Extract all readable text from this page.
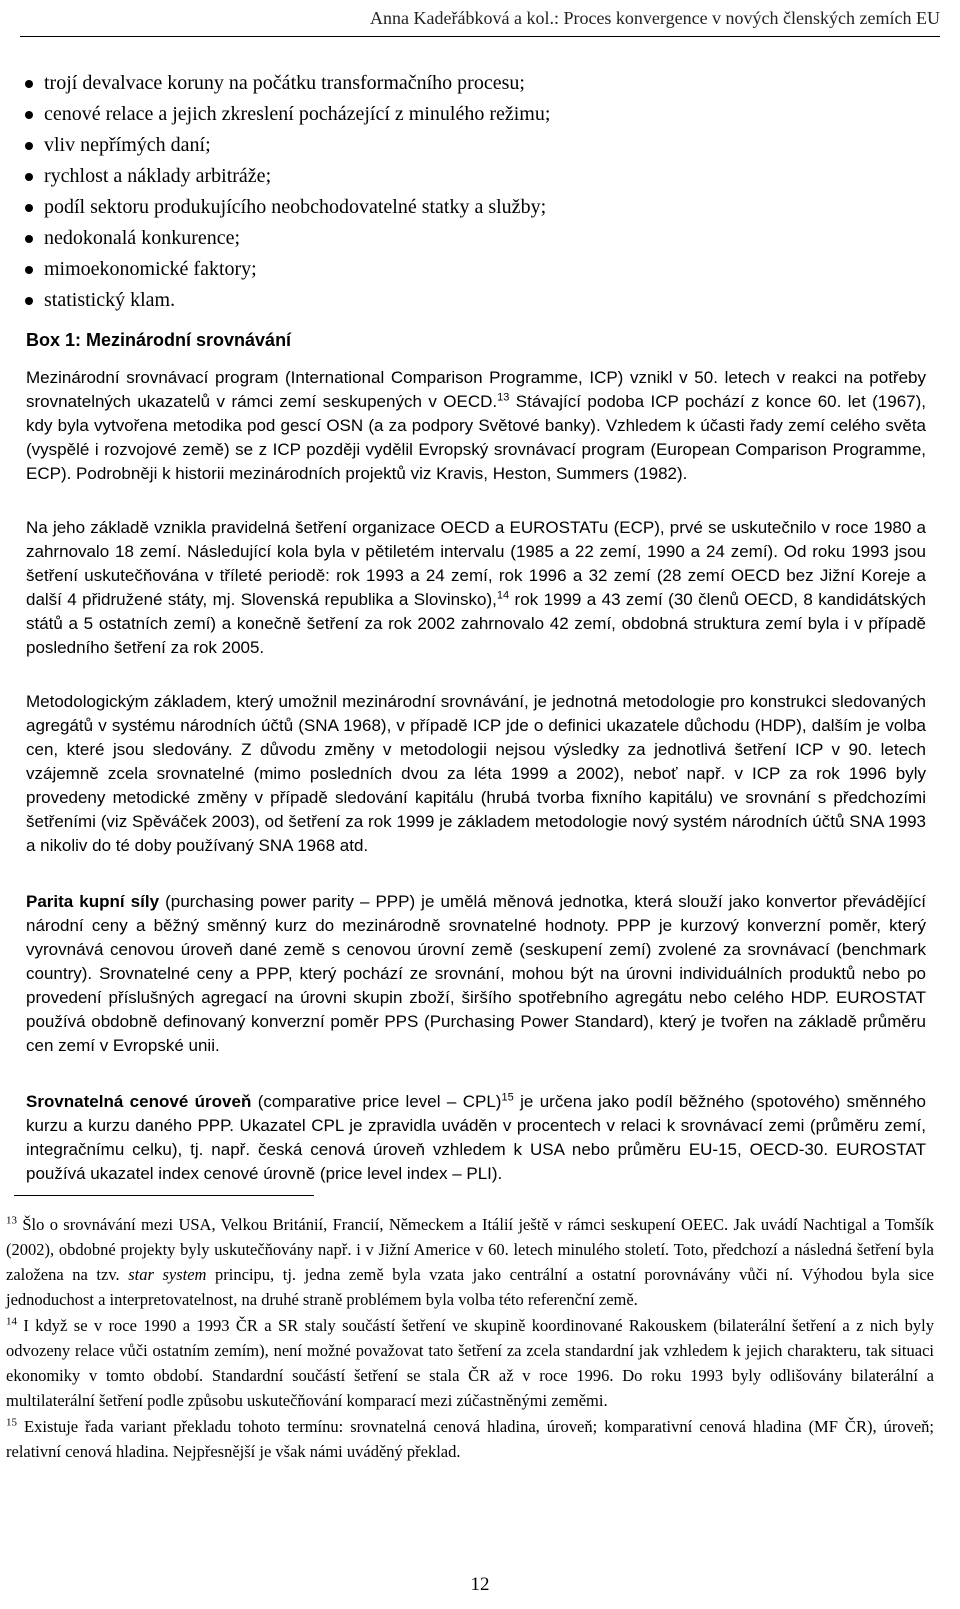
Anna Kadeřábková a kol.: Proces konvergence v nových členských zemích EU
trojí devalvace koruny na počátku transformačního procesu;
cenové relace a jejich zkreslení pocházející z minulého režimu;
vliv nepřímých daní;
rychlost a náklady arbitráže;
podíl sektoru produkujícího neobchodovatelné statky a služby;
nedokonalá konkurence;
mimoekonomické faktory;
statistický klam.
Box 1: Mezinárodní srovnávání

Mezinárodní srovnávací program (International Comparison Programme, ICP) vznikl v 50. letech v reakci na potřeby srovnatelných ukazatelů v rámci zemí seskupených v OECD.$^{13}$ Stávající podoba ICP pochází z konce 60. let (1967), kdy byla vytvořena metodika pod gescí OSN (a za podpory Světové banky). Vzhledem k účasti řady zemí celého světa (vyspělé i rozvojové země) se z ICP později vydělil Evropský srovnávací program (European Comparison Programme, ECP). Podrobněji k historii mezinárodních projektů viz Kravis, Heston, Summers (1982).

Na jeho základě vznikla pravidelná šetření organizace OECD a EUROSTATu (ECP), prvé se uskutečnilo v roce 1980 a zahrnovalo 18 zemí. Následující kola byla v pětiletém intervalu (1985 a 22 zemí, 1990 a 24 zemí). Od roku 1993 jsou šetření uskutečňována v tříleté periodě: rok 1993 a 24 zemí, rok 1996 a 32 zemí (28 zemí OECD bez Jižní Koreje a další 4 přidružené státy, mj. Slovenská republika a Slovinsko),$^{14}$ rok 1999 a 43 zemí (30 členů OECD, 8 kandidátských států a 5 ostatních zemí) a konečně šetření za rok 2002 zahrnovalo 42 zemí, obdobná struktura zemí byla i v případě posledního šetření za rok 2005.

Metodologickým základem, který umožnil mezinárodní srovnávání, je jednotná metodologie pro konstrukci sledovaných agregátů v systému národních účtů (SNA 1968), v případě ICP jde o definici ukazatele důchodu (HDP), dalším je volba cen, které jsou sledovány. Z důvodu změny v metodologii nejsou výsledky za jednotlivá šetření ICP v 90. letech vzájemně zcela srovnatelné (mimo posledních dvou za léta 1999 a 2002), neboť např. v ICP za rok 1996 byly provedeny metodické změny v případě sledování kapitálu (hrubá tvorba fixního kapitálu) ve srovnání s předchozími šetřeními (viz Spěváček 2003), od šetření za rok 1999 je základem metodologie nový systém národních účtů SNA 1993 a nikoliv do té doby používaný SNA 1968 atd.

Parita kupní síly (purchasing power parity – PPP) je umělá měnová jednotka, která slouží jako konvertor převádějící národní ceny a běžný směnný kurz do mezinárodně srovnatelné hodnoty. PPP je kurzový konverzní poměr, který vyrovnává cenovou úroveň dané země s cenovou úrovní země (seskupení zemí) zvolené za srovnávací (benchmark country). Srovnatelné ceny a PPP, který pochází ze srovnání, mohou být na úrovni individuálních produktů nebo po provedení příslušných agregací na úrovni skupin zboží, širšího spotřebního agregátu nebo celého HDP. EUROSTAT používá obdobně definovaný konverzní poměr PPS (Purchasing Power Standard), který je tvořen na základě průměru cen zemí v Evropské unii.

Srovnatelná cenové úroveň (comparative price level – CPL)$^{15}$ je určena jako podíl běžného (spotového) směnného kurzu a kurzu daného PPP. Ukazatel CPL je zpravidla uváděn v procentech v relaci k srovnávací zemi (průměru zemí, integračnímu celku), tj. např. česká cenová úroveň vzhledem k USA nebo průměru EU-15, OECD-30. EUROSTAT používá ukazatel index cenové úrovně (price level index – PLI).

$^{13}$ Šlo o srovnávání mezi USA, Velkou Británií, Francií, Německem a Itálií ještě v rámci seskupení OEEC. Jak uvádí Nachtigal a Tomšík (2002), obdobné projekty byly uskutečňovány např. i v Jižní Americe v 60. letech minulého století. Toto, předchozí a následná šetření byla založena na tzv. star system principu, tj. jedna země byla vzata jako centrální a ostatní porovnávány vůči ní. Výhodou byla sice jednoduchost a interpretovatelnost, na druhé straně problémem byla volba této referenční země.

$^{14}$ I když se v roce 1990 a 1993 ČR a SR staly součástí šetření ve skupině koordinované Rakouskem (bilaterální šetření a z nich byly odvozeny relace vůči ostatním zemím), není možné považovat tato šetření za zcela standardní jak vzhledem k jejich charakteru, tak situaci ekonomiky v tomto období. Standardní součástí šetření se stala ČR až v roce 1996. Do roku 1993 byly odlišovány bilaterální a multilaterální šetření podle způsobu uskutečňování komparací mezi zúčastněnými zeměmi.

$^{15}$ Existuje řada variant překladu tohoto termínu: srovnatelná cenová hladina, úroveň; komparativní cenová hladina (MF ČR), úroveň; relativní cenová hladina. Nejpřesnější je však námi uváděný překlad.

12
